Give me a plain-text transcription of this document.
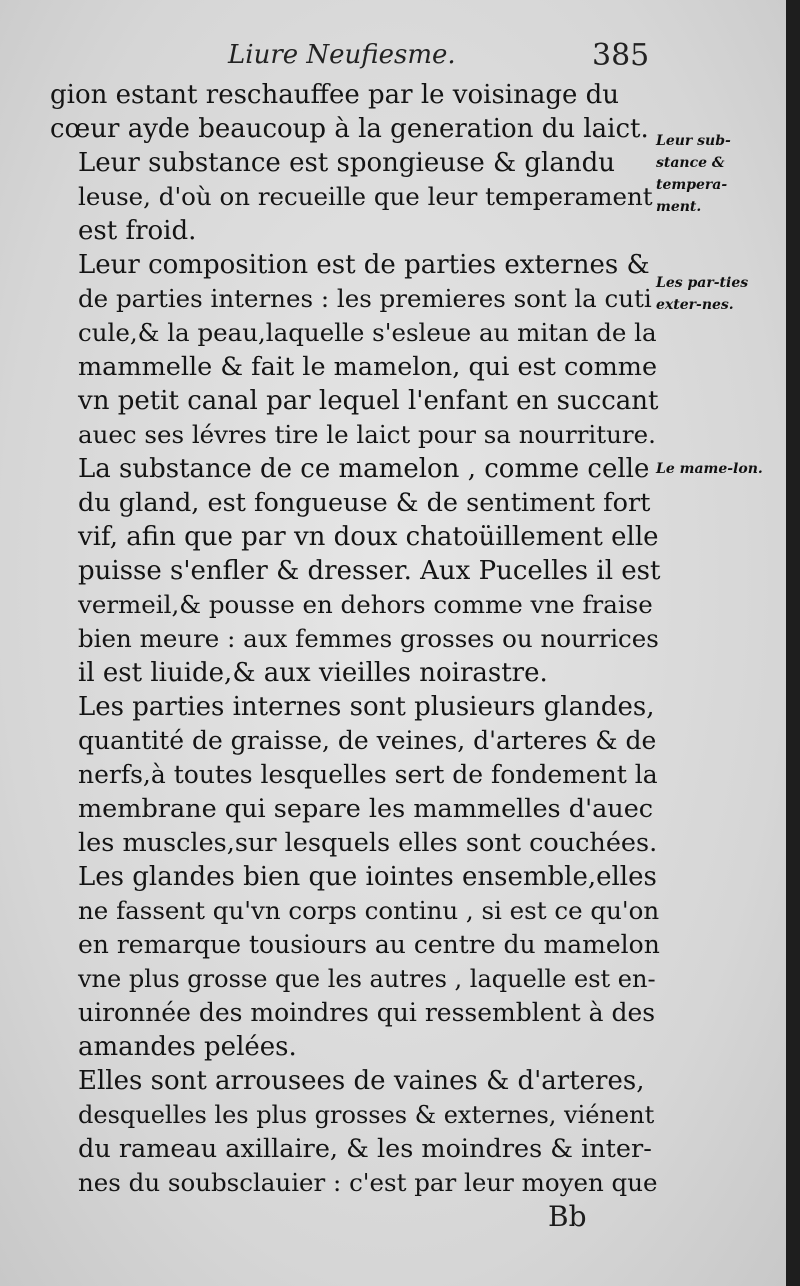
Liure Neufiesme.	385

gion estant reschauffee par le voisinage du
cœur ayde beaucoup à la generation du laict.

Leur substance est spongieuse & glandu
leuse, d'où on recueille que leur temperament
est froid.

Leur composition est de parties externes &
de parties internes : les premieres sont la cuti
cule,& la peau,laquelle s'esleue au mitan de la
mammelle & fait le mamelon, qui est comme
vn petit canal par lequel l'enfant en succant
auec ses lévres tire le laict pour sa nourriture.

La substance de ce mamelon , comme celle
du gland, est fongueuse & de sentiment fort
vif, afin que par vn doux chatoüillement elle
puisse s'enfler & dresser. Aux Pucelles il est
vermeil,& pousse en dehors comme vne fraise
bien meure : aux femmes grosses ou nourrices
il est liuide,& aux vieilles noirastre.

Les parties internes sont plusieurs glandes,
quantité de graisse, de veines, d'arteres & de
nerfs,à toutes lesquelles sert de fondement la
membrane qui separe les mammelles d'auec
les muscles,sur lesquels elles sont couchées.

Les glandes bien que iointes ensemble,elles
ne fassent qu'vn corps continu , si est ce qu'on
en remarque tousiours au centre du mamelon
vne plus grosse que les autres , laquelle est en-
uironnée des moindres qui ressemblent à des
amandes pelées.

Elles sont arrousees de vaines & d'arteres,
desquelles les plus grosses & externes, viénent
du rameau axillaire, & les moindres & inter-
nes du soubsclauier : c'est par leur moyen que

Leur sub-stance & tempera-ment.
Les par-ties exter-nes.
Le mame-lon.
Bb
